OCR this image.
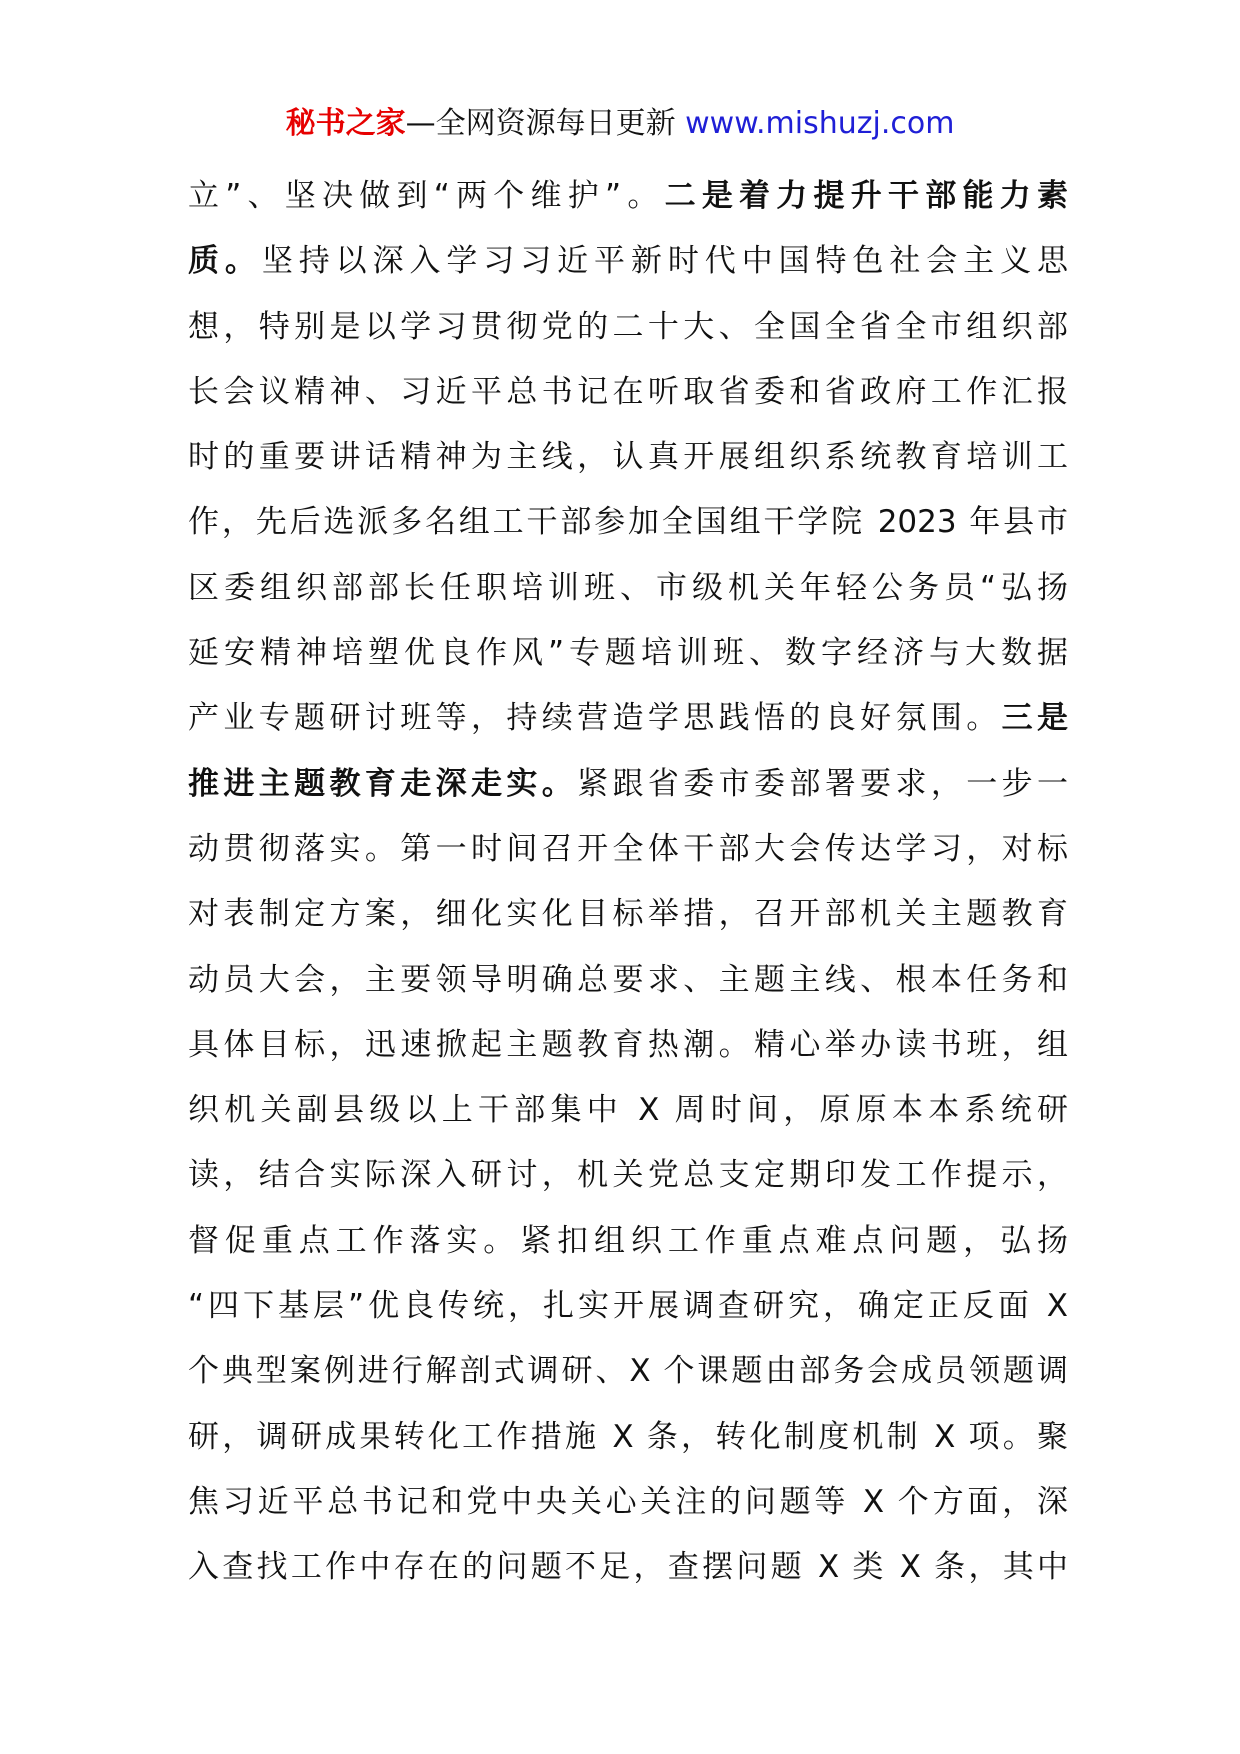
秘书之家—全网资源每日更新 www.mishuzj.com
立”、坚决做到“两个维护”。二是着力提升干部能力素
质。坚持以深入学习习近平新时代中国特色社会主义思
想，特别是以学习贯彻党的二十大、全国全省全市组织部
长会议精神、习近平总书记在听取省委和省政府工作汇报
时的重要讲话精神为主线，认真开展组织系统教育培训工
作，先后选派多名组工干部参加全国组干学院 2023 年县市
区委组织部部长任职培训班、市级机关年轻公务员“弘扬
延安精神培塑优良作风”专题培训班、数字经济与大数据
产业专题研讨班等，持续营造学思践悟的良好氛围。三是
推进主题教育走深走实。紧跟省委市委部署要求，一步一
动贯彻落实。第一时间召开全体干部大会传达学习，对标
对表制定方案，细化实化目标举措，召开部机关主题教育
动员大会，主要领导明确总要求、主题主线、根本任务和
具体目标，迅速掀起主题教育热潮。精心举办读书班，组
织机关副县级以上干部集中 X 周时间，原原本本系统研
读，结合实际深入研讨，机关党总支定期印发工作提示，
督促重点工作落实。紧扣组织工作重点难点问题，弘扬
“四下基层”优良传统，扎实开展调查研究，确定正反面 X
个典型案例进行解剖式调研、X 个课题由部务会成员领题调
研，调研成果转化工作措施 X 条，转化制度机制 X 项。聚
焦习近平总书记和党中央关心关注的问题等 X 个方面，深
入查找工作中存在的问题不足，查摆问题 X 类 X 条，其中
